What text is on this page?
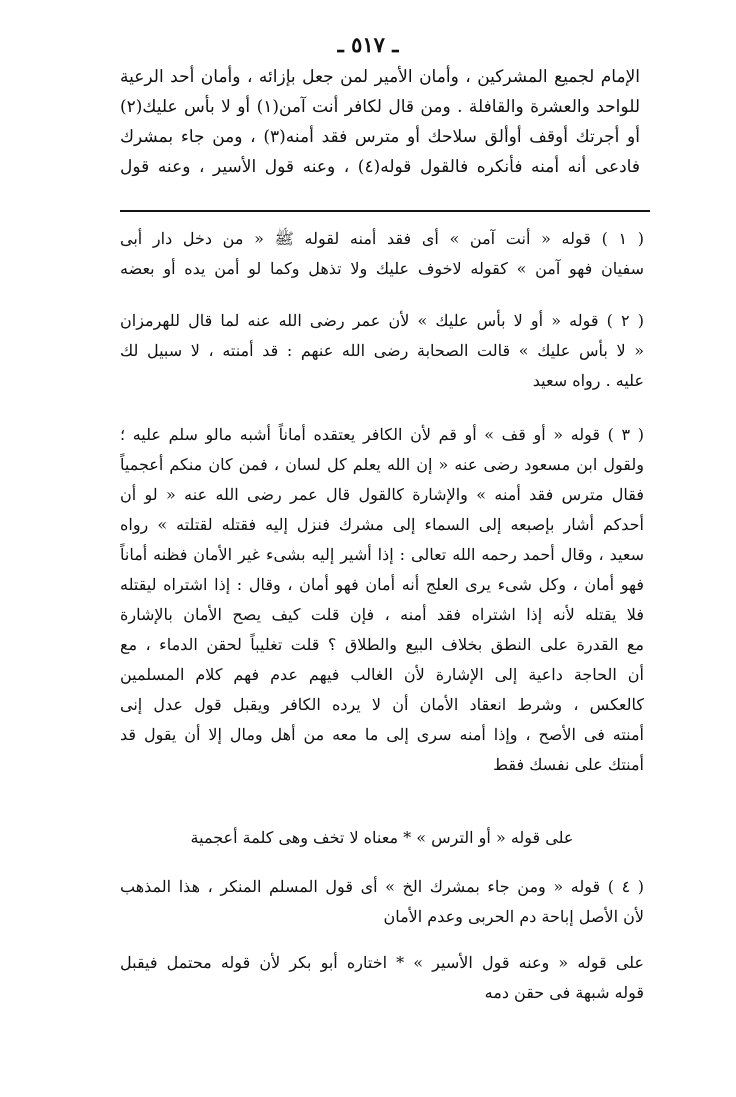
ـ ٥١٧ ـ
الإمام لجميع المشركين ، وأمان الأمير لمن جعل بإزائه ، وأمان أحد الرعية
للواحد والعشرة والقافلة . ومن قال لكافر أنت آمن(١) أو لا بأس عليك(٢)
أو أجرتك أوقف أوألق سلاحك أو مترس فقد أمنه(٣) ، ومن جاء بمشرك
فادعى أنه أمنه فأنكره فالقول قوله(٤) ، وعنه قول الأسير ، وعنه قول
( ١ ) قوله « أنت آمن » أى فقد أمنه لقوله ﷺ « من دخل دار أبى
سفيان فهو آمن » كقوله لاخوف عليك ولا تذهل وكما لو أمن يده أو بعضه
( ٢ ) قوله « أو لا بأس عليك » لأن عمر رضى الله عنه لما قال للهرمزان
« لا بأس عليك » قالت الصحابة رضى الله عنهم : قد أمنته ، لا سبيل لك
عليه . رواه سعيد
( ٣ ) قوله « أو قف » أو قم لأن الكافر يعتقده أماناً أشبه مالو سلم عليه ؛
ولقول ابن مسعود رضى عنه « إن الله يعلم كل لسان ، فمن كان منكم أعجمياً
فقال مترس فقد أمنه » والإشارة كالقول قال عمر رضى الله عنه « لو أن
أحدكم أشار بإصبعه إلى السماء إلى مشرك فنزل إليه فقتله لقتلته » رواه
سعيد ، وقال أحمد رحمه الله تعالى : إذا أشير إليه بشىء غير الأمان فظنه أماناً
فهو أمان ، وكل شىء يرى العلج أنه أمان فهو أمان ، وقال : إذا اشتراه ليقتله
فلا يقتله لأنه إذا اشتراه فقد أمنه ، فإن قلت كيف يصح الأمان بالإشارة
مع القدرة على النطق بخلاف البيع والطلاق ؟ قلت تغليباً لحقن الدماء ، مع
أن الحاجة داعية إلى الإشارة لأن الغالب فيهم عدم فهم كلام المسلمين
كالعكس ، وشرط انعقاد الأمان أن لا يرده الكافر ويقبل قول عدل إنى
أمنته فى الأصح ، وإذا أمنه سرى إلى ما معه من أهل ومال إلا أن يقول قد
أمنتك على نفسك فقط
على قوله « أو الترس » * معناه لا تخف وهى كلمة أعجمية
( ٤ ) قوله « ومن جاء بمشرك الخ » أى قول المسلم المنكر ، هذا المذهب
لأن الأصل إباحة دم الحربى وعدم الأمان
على قوله « وعنه قول الأسير » * اختاره أبو بكر لأن قوله محتمل فيقبل
قوله شبهة فى حقن دمه
